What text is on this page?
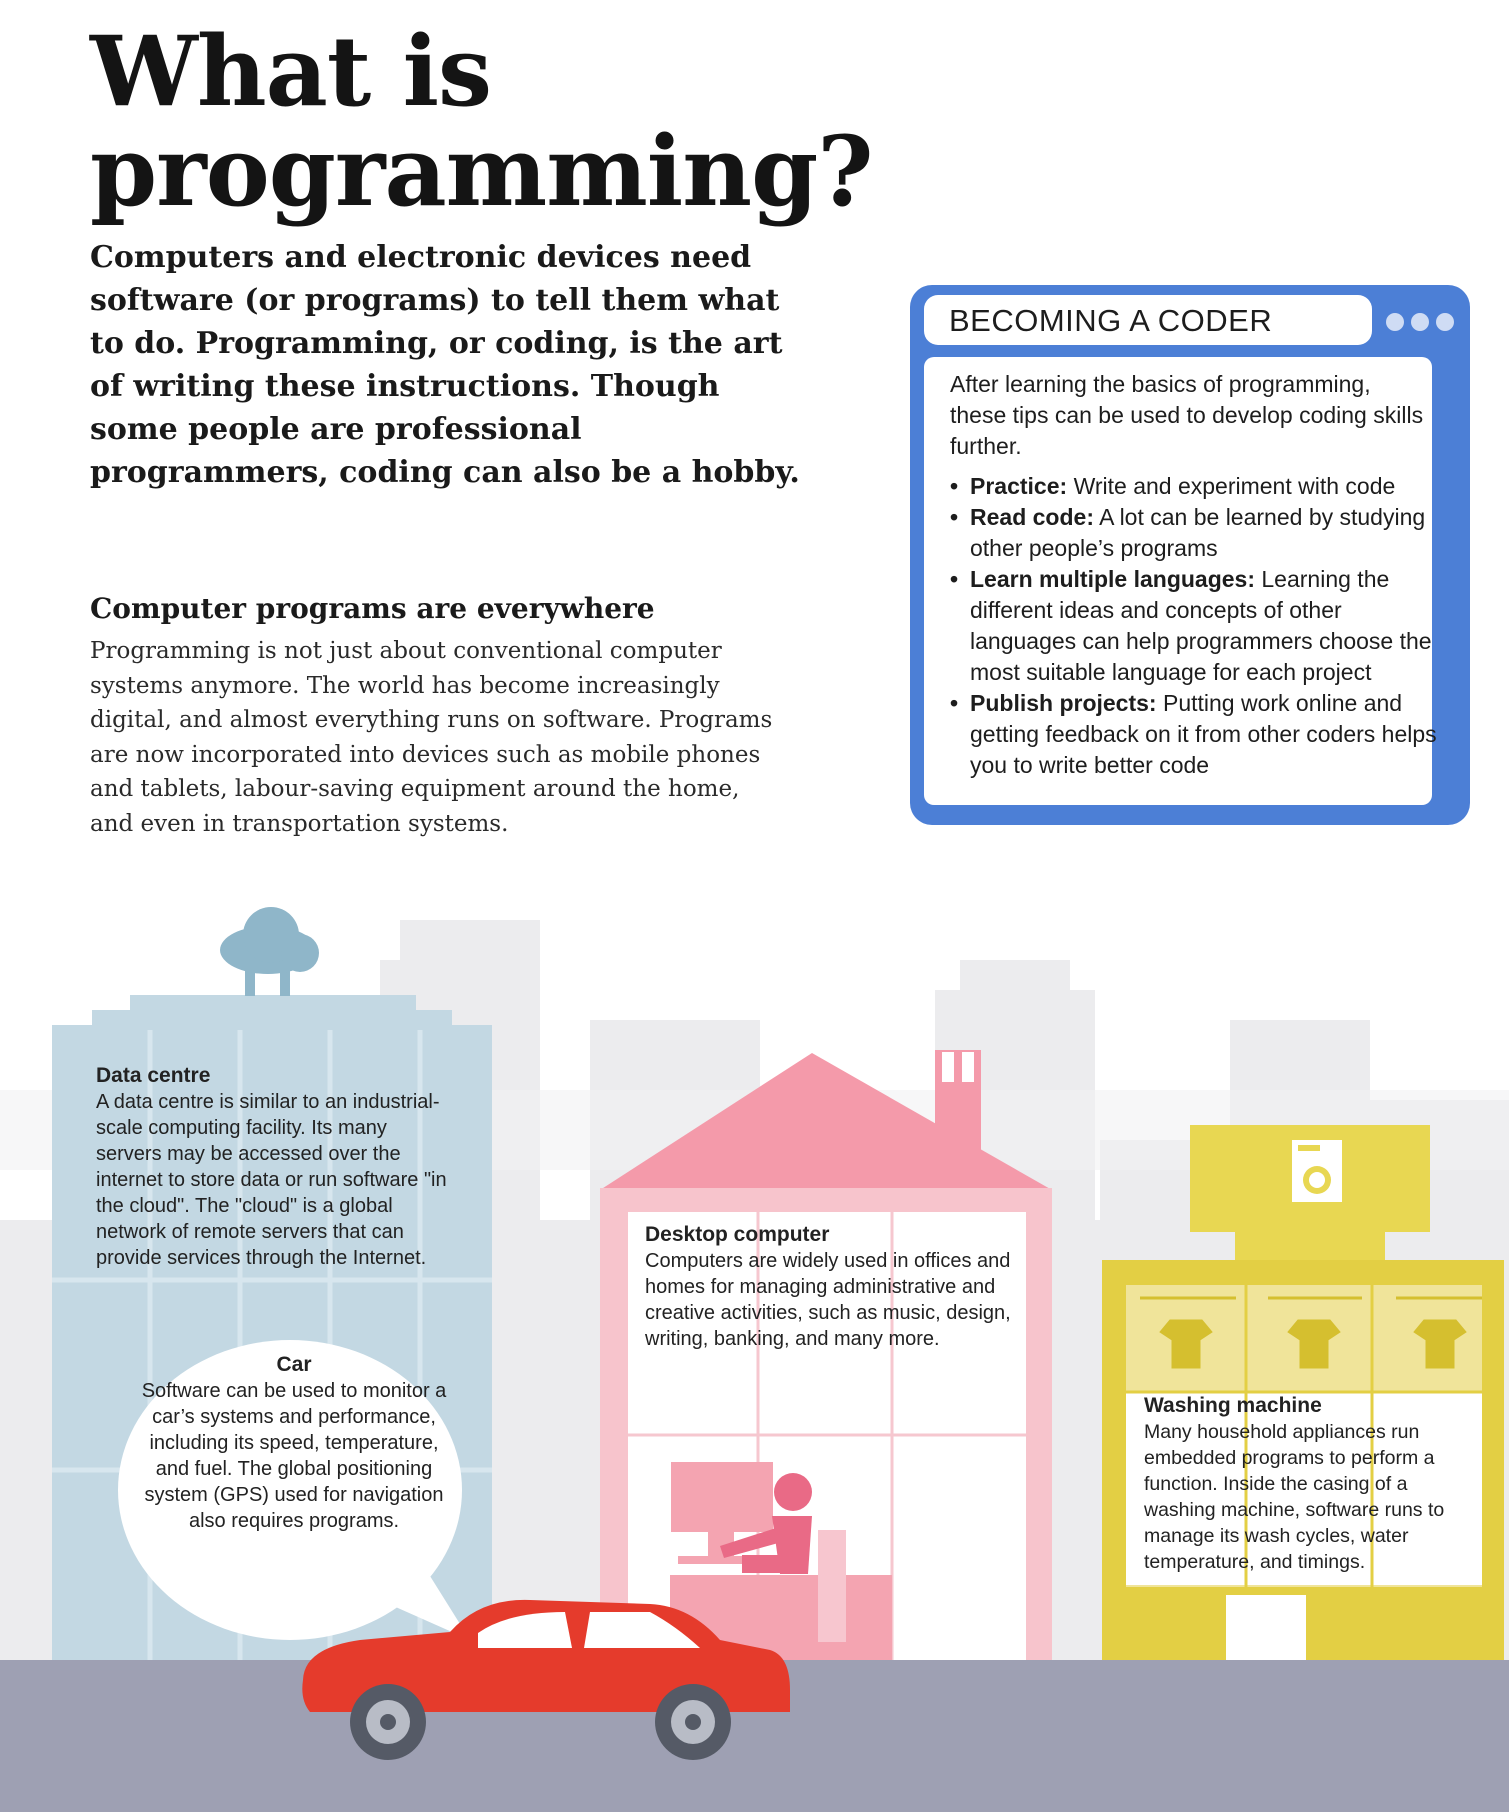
What is
programming?

Computers and electronic devices need software (or programs) to tell them what to do. Programming, or coding, is the art of writing these instructions. Though some people are professional programmers, coding can also be a hobby.

Computer programs are everywhere

Programming is not just about conventional computer systems anymore. The world has become increasingly digital, and almost everything runs on software. Programs are now incorporated into devices such as mobile phones and tablets, labour-saving equipment around the home, and even in transportation systems.

BECOMING A CODER

After learning the basics of programming, these tips can be used to develop coding skills further.

• Practice: Write and experiment with code
• Read code: A lot can be learned by studying other people’s programs
• Learn multiple languages: Learning the different ideas and concepts of other languages can help programmers choose the most suitable language for each project
• Publish projects: Putting work online and getting feedback on it from other coders helps you to write better code

Data centre
A data centre is similar to an industrial-scale computing facility. Its many servers may be accessed over the internet to store data or run software "in the cloud". The "cloud" is a global network of remote servers that can provide services through the Internet.

Car
Software can be used to monitor a car’s systems and performance, including its speed, temperature, and fuel. The global positioning system (GPS) used for navigation also requires programs.

Desktop computer
Computers are widely used in offices and homes for managing administrative and creative activities, such as music, design, writing, banking, and many more.

Washing machine
Many household appliances run embedded programs to perform a function. Inside the casing of a washing machine, software runs to manage its wash cycles, water temperature, and timings.
